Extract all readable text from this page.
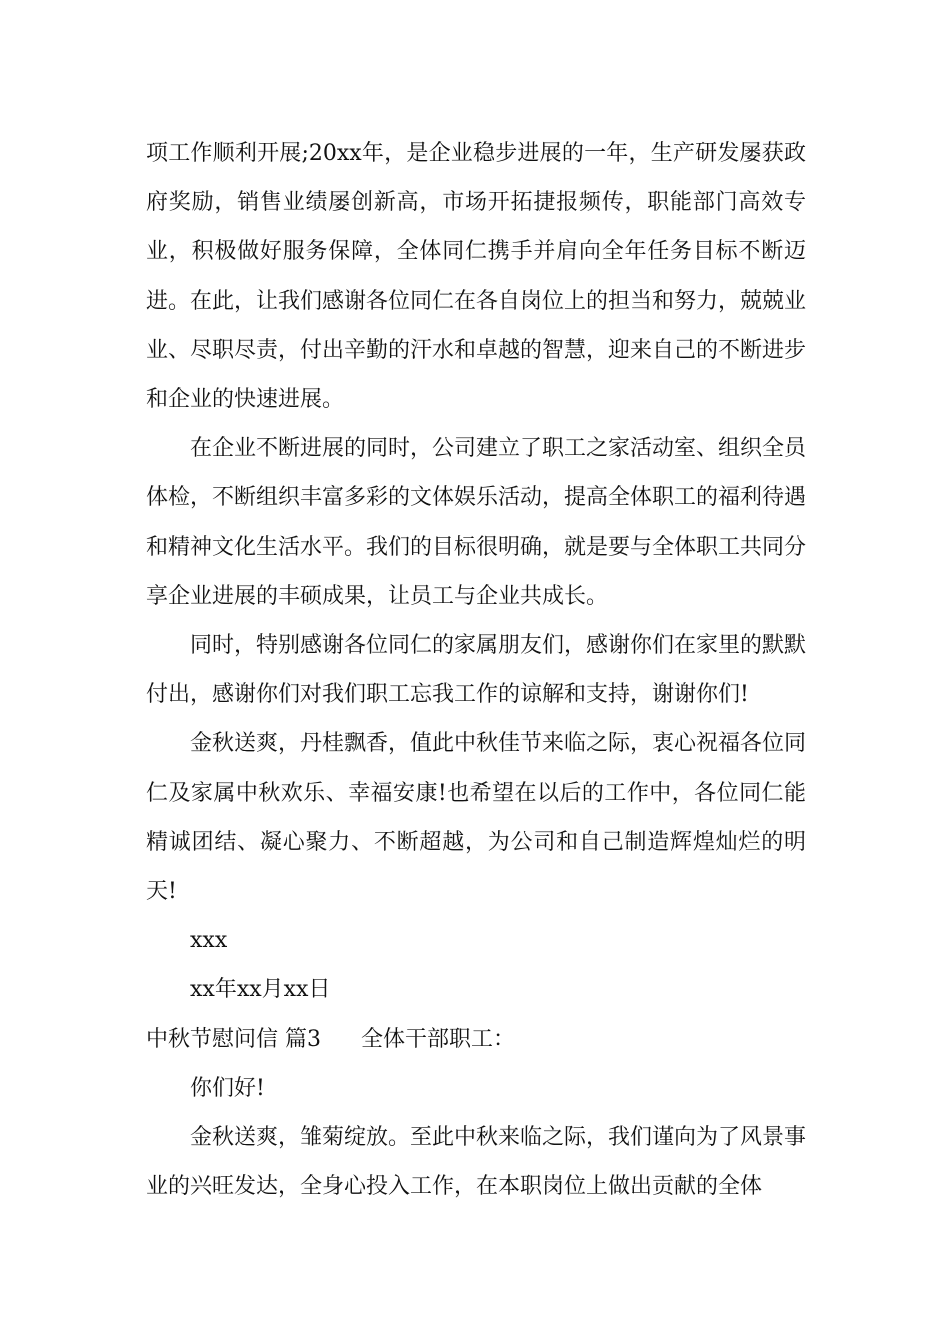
项工作顺利开展;20xx年，是企业稳步进展的一年，生产研发屡获政府奖励，销售业绩屡创新高，市场开拓捷报频传，职能部门高效专业，积极做好服务保障，全体同仁携手并肩向全年任务目标不断迈进。在此，让我们感谢各位同仁在各自岗位上的担当和努力，兢兢业业、尽职尽责，付出辛勤的汗水和卓越的智慧，迎来自己的不断进步和企业的快速进展。

在企业不断进展的同时，公司建立了职工之家活动室、组织全员体检，不断组织丰富多彩的文体娱乐活动，提高全体职工的福利待遇和精神文化生活水平。我们的目标很明确，就是要与全体职工共同分享企业进展的丰硕成果，让员工与企业共成长。

同时，特别感谢各位同仁的家属朋友们，感谢你们在家里的默默付出，感谢你们对我们职工忘我工作的谅解和支持，谢谢你们!

金秋送爽，丹桂飘香，值此中秋佳节来临之际，衷心祝福各位同仁及家属中秋欢乐、幸福安康!也希望在以后的工作中，各位同仁能精诚团结、凝心聚力、不断超越，为公司和自己制造辉煌灿烂的明天!

xxx

xx年xx月xx日

中秋节慰问信 篇3 全体干部职工：

你们好!

金秋送爽，雏菊绽放。至此中秋来临之际，我们谨向为了风景事业的兴旺发达，全身心投入工作，在本职岗位上做出贡献的全体
